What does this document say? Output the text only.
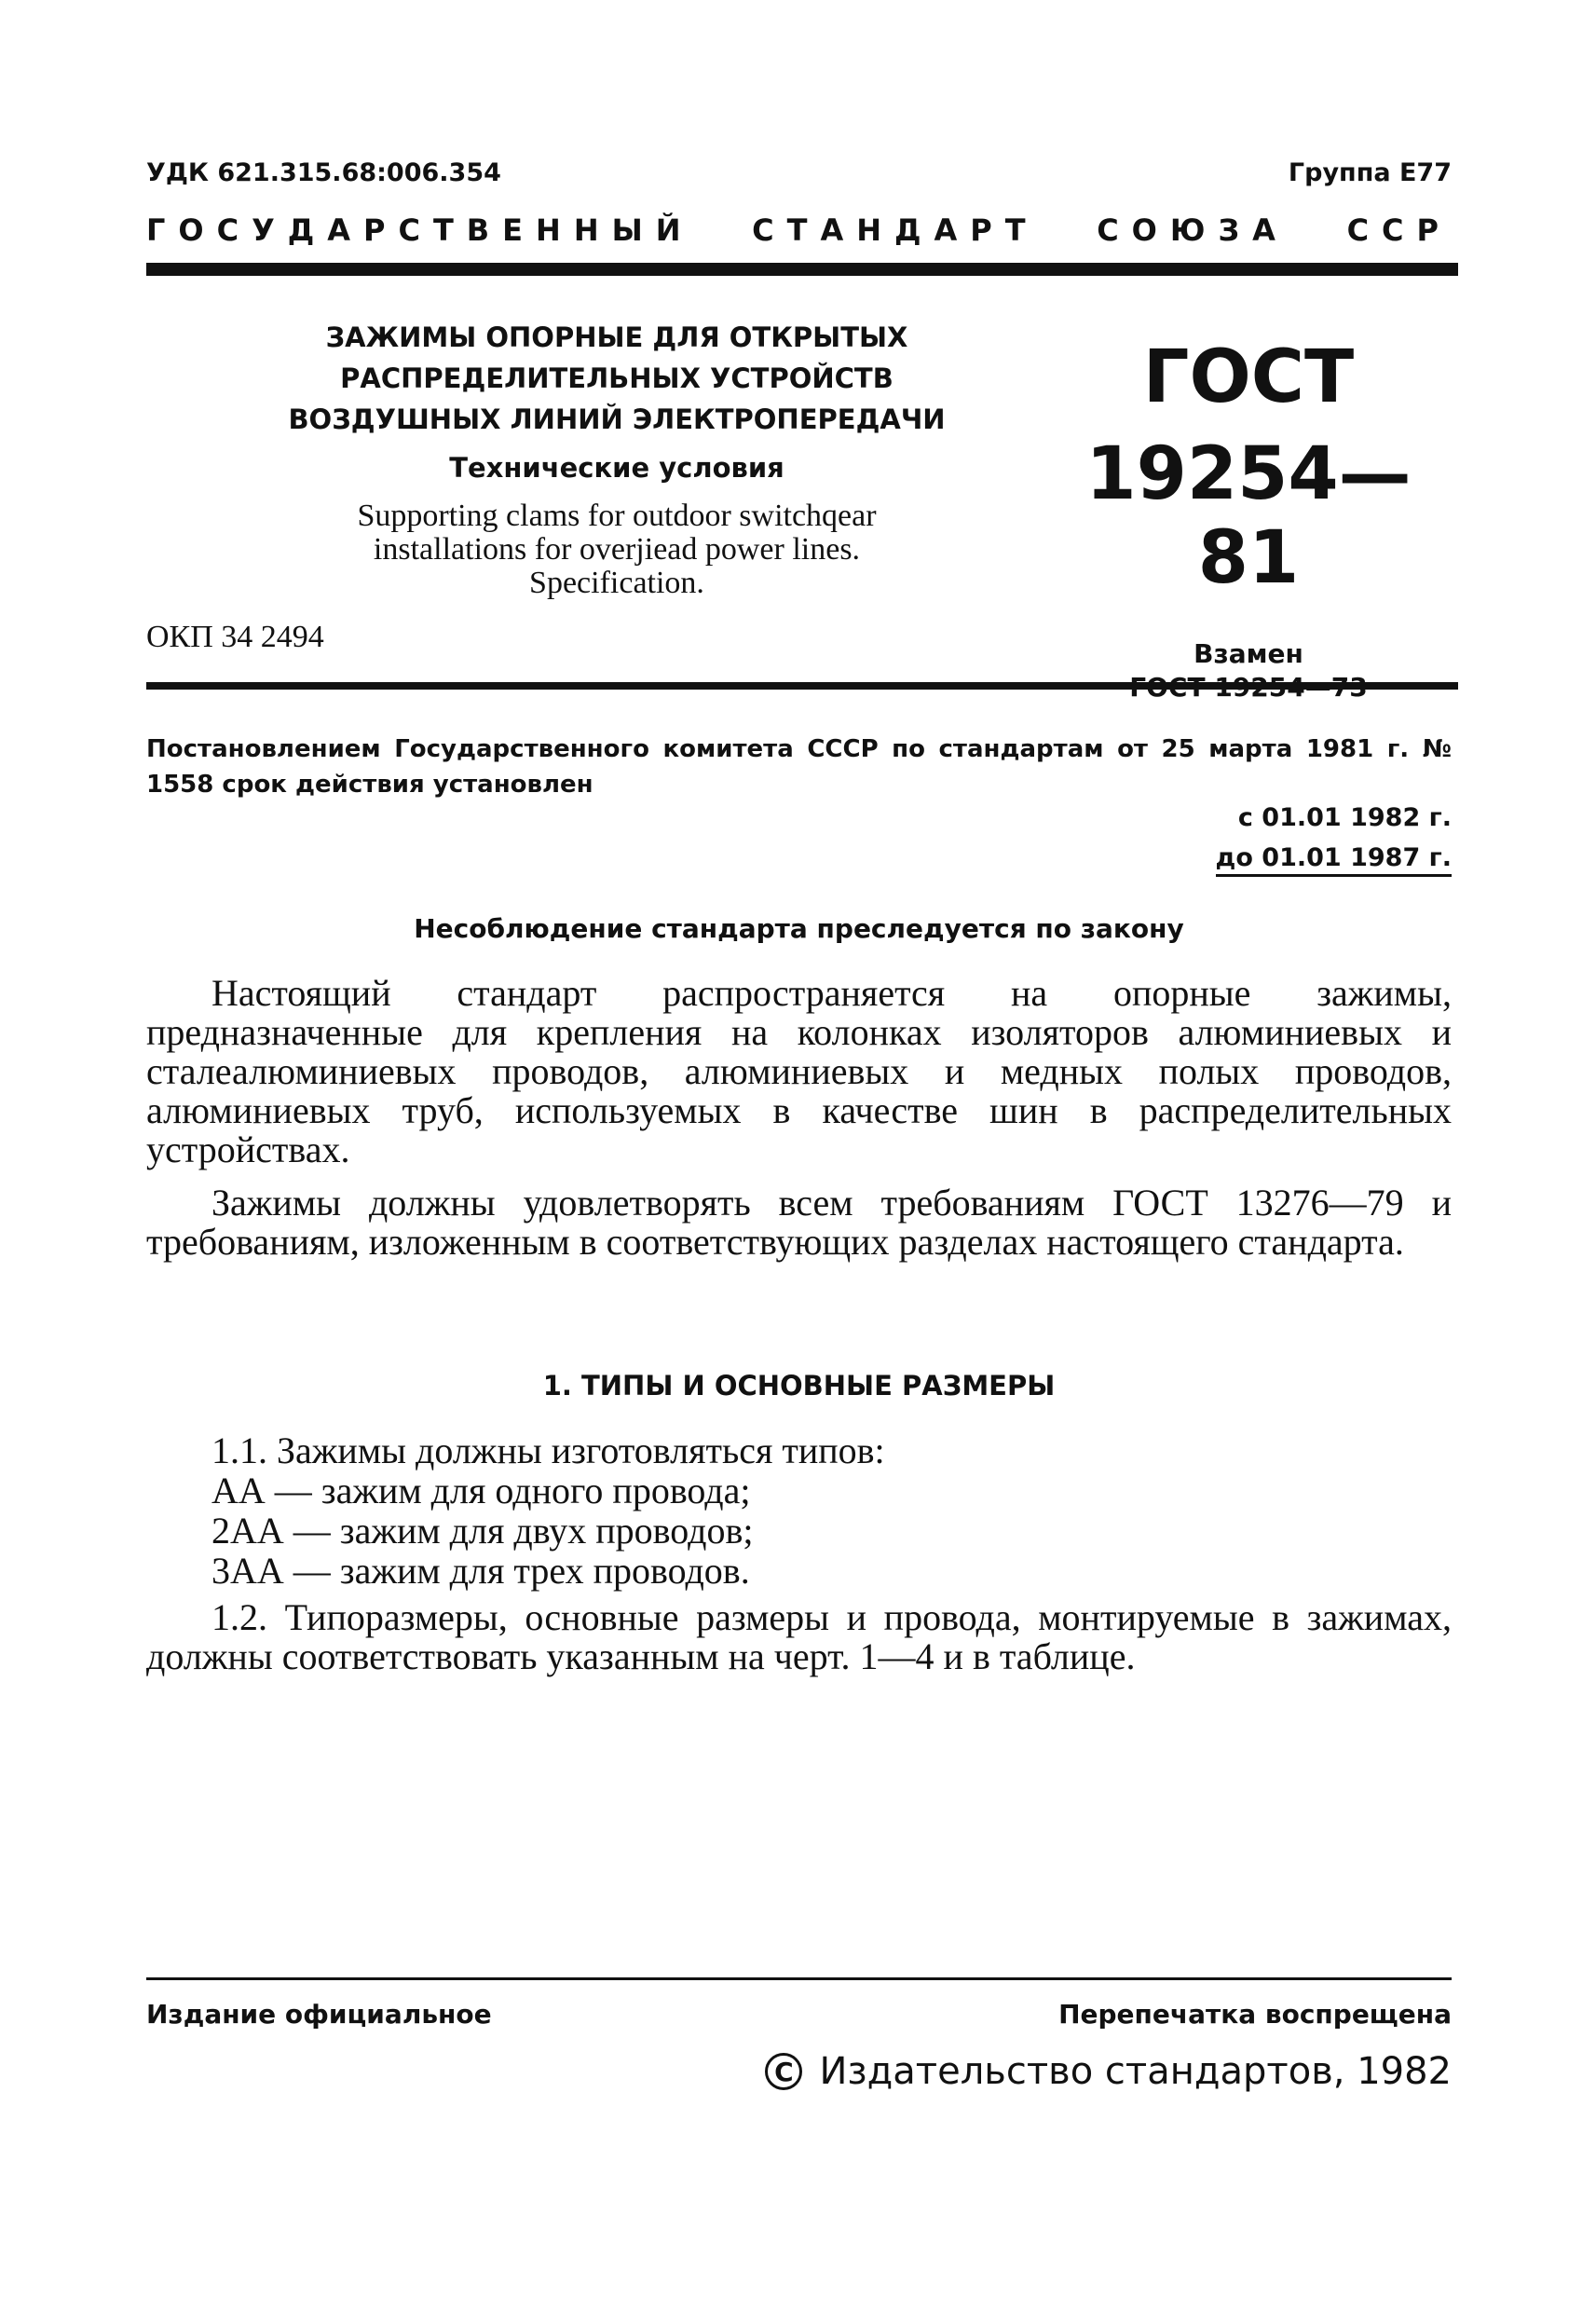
УДК 621.315.68:006.354	Группа Е77
ГОСУДАРСТВЕННЫЙ СТАНДАРТ СОЮЗА ССР
ЗАЖИМЫ ОПОРНЫЕ ДЛЯ ОТКРЫТЫХ
РАСПРЕДЕЛИТЕЛЬНЫХ УСТРОЙСТВ
ВОЗДУШНЫХ ЛИНИЙ ЭЛЕКТРОПЕРЕДАЧИ
Технические условия
Supporting clams for outdoor switchqear
installations for overjiead power lines.
Specification.
ГОСТ
19254—81
Взамен
ОКП 34 2494
Постановлением Государственного комитета СССР по стандартам от 25 марта 1981 г. № 1558 срок действия установлен
с 01.01 1982 г.
до 01.01 1987 г.
Несоблюдение стандарта преследуется по закону
Настоящий стандарт распространяется на опорные зажимы, предназначенные для крепления на колонках изоляторов алюминиевых и сталеалюминиевых проводов, алюминиевых и медных полых проводов, алюминиевых труб, используемых в качестве шин в распределительных устройствах.
Зажимы должны удовлетворять всем требованиям ГОСТ 13276—79 и требованиям, изложенным в соответствующих разделах настоящего стандарта.
1. ТИПЫ И ОСНОВНЫЕ РАЗМЕРЫ
1.1. Зажимы должны изготовляться типов:
АА — зажим для одного провода;
2АА — зажим для двух проводов;
3АА — зажим для трех проводов.
1.2. Типоразмеры, основные размеры и провода, монтируемые в зажимах, должны соответствовать указанным на черт. 1—4 и в таблице.
Издание официальное	Перепечатка воспрещена
C Издательство стандартов, 1982
